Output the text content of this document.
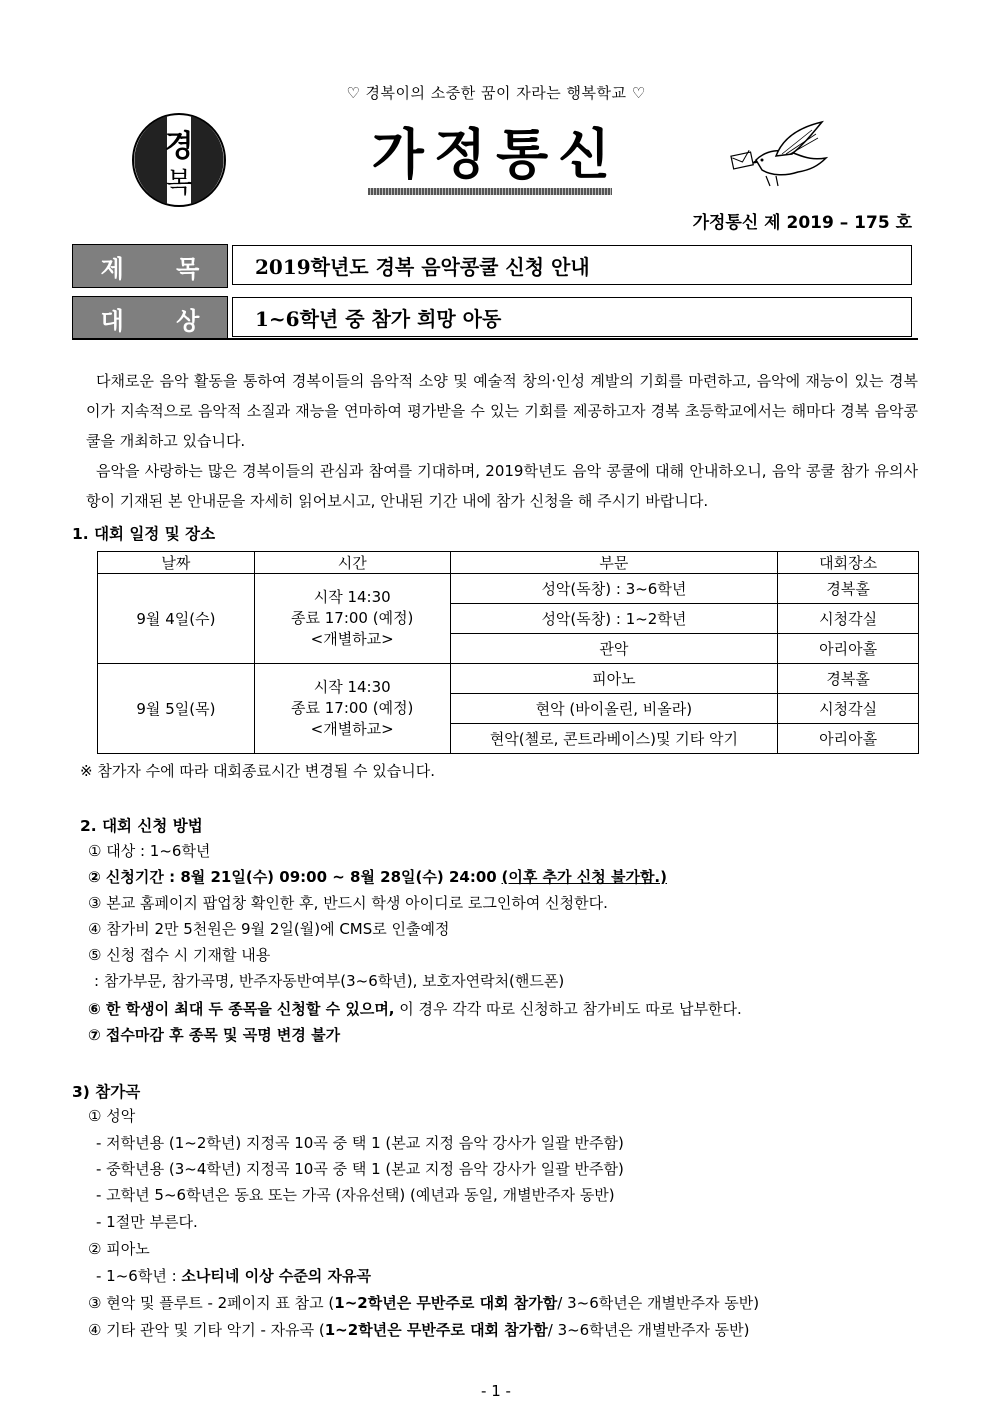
♡ 경복이의 소중한 꿈이 자라는 행복학교 ♡
경
복	가정통신
가정통신 제 2019 – 175 호
제 목	2019학년도 경복 음악콩쿨 신청 안내
대 상	1~6학년 중 참가 희망 아동
다채로운 음악 활동을 통하여 경복이들의 음악적 소양 및 예술적 창의·인성 계발의 기회를 마련하고, 음악에 재능이 있는 경복이가 지속적으로 음악적 소질과 재능을 연마하여 평가받을 수 있는 기회를 제공하고자 경복 초등학교에서는 해마다 경복 음악콩쿨을 개최하고 있습니다.
음악을 사랑하는 많은 경복이들의 관심과 참여를 기대하며, 2019학년도 음악 콩쿨에 대해 안내하오니, 음악 콩쿨 참가 유의사항이 기재된 본 안내문을 자세히 읽어보시고, 안내된 기간 내에 참가 신청을 해 주시기 바랍니다.
1. 대회 일정 및 장소
날짜	시간	부문	대회장소
9월 4일(수)	시작 14:30
종료 17:00 (예정)
<개별하교>	성악(독창) : 3~6학년	경복홀
		성악(독창) : 1~2학년	시청각실
		관악	아리아홀
9월 5일(목)	시작 14:30
종료 17:00 (예정)
<개별하교>	피아노	경복홀
		현악 (바이올린, 비올라)	시청각실
		현악(첼로, 콘트라베이스)및 기타 악기	아리아홀
※ 참가자 수에 따라 대회종료시간 변경될 수 있습니다.
2. 대회 신청 방법
① 대상 : 1~6학년
② 신청기간 : 8월 21일(수) 09:00 ~ 8월 28일(수) 24:00 (이후 추가 신청 불가함.)
③ 본교 홈페이지 팝업창 확인한 후, 반드시 학생 아이디로 로그인하여 신청한다.
④ 참가비 2만 5천원은 9월 2일(월)에 CMS로 인출예정
⑤ 신청 접수 시 기재할 내용
: 참가부문, 참가곡명, 반주자동반여부(3~6학년), 보호자연락처(핸드폰)
⑥ 한 학생이 최대 두 종목을 신청할 수 있으며, 이 경우 각각 따로 신청하고 참가비도 따로 납부한다.
⑦ 접수마감 후 종목 및 곡명 변경 불가
3) 참가곡
① 성악
- 저학년용 (1~2학년) 지정곡 10곡 중 택 1 (본교 지정 음악 강사가 일괄 반주함)
- 중학년용 (3~4학년) 지정곡 10곡 중 택 1 (본교 지정 음악 강사가 일괄 반주함)
- 고학년 5~6학년은 동요 또는 가곡 (자유선택) (예년과 동일, 개별반주자 동반)
- 1절만 부른다.
② 피아노
- 1~6학년 : 소나티네 이상 수준의 자유곡
③ 현악 및 플루트 - 2페이지 표 참고 (1~2학년은 무반주로 대회 참가함/ 3~6학년은 개별반주자 동반)
④ 기타 관악 및 기타 악기 - 자유곡 (1~2학년은 무반주로 대회 참가함/ 3~6학년은 개별반주자 동반)
- 1 -
